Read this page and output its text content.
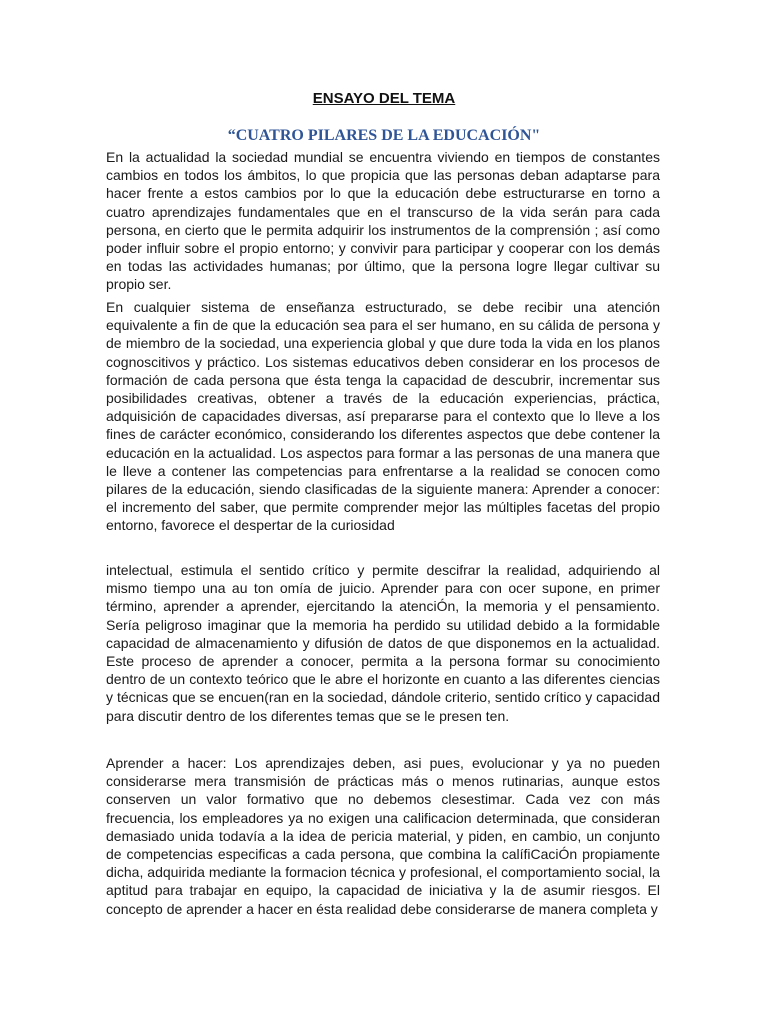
ENSAYO DEL TEMA

“CUATRO PILARES DE LA EDUCACIÓN"

En la actualidad la sociedad mundial se encuentra viviendo en tiempos de constantes cambios en todos los ámbitos, lo que propicia que las personas deban adaptarse para hacer frente a estos cambios por lo que la educación debe estructurarse en torno a cuatro aprendizajes fundamentales que en el transcurso de la vida serán para cada persona, en cierto que le permita adquirir los instrumentos de la comprensión ; así como poder influir sobre el propio entorno; y convivir para participar y cooperar con los demás en todas las actividades humanas; por último, que la persona logre llegar cultivar su propio ser.

En cualquier sistema de enseñanza estructurado, se debe recibir una atención equivalente a fin de que la educación sea para el ser humano, en su cálida de persona y de miembro de la sociedad, una experiencia global y que dure toda la vida en los planos cognoscitivos y práctico. Los sistemas educativos deben considerar en los procesos de formación de cada persona que ésta tenga la capacidad de descubrir, incrementar sus posibilidades creativas, obtener a través de la educación experiencias, práctica, adquisición de capacidades diversas, así prepararse para el contexto que lo lleve a los fines de carácter económico, considerando los diferentes aspectos que debe contener la educación en la actualidad. Los aspectos para formar a las personas de una manera que le lleve a contener las competencias para enfrentarse a la realidad se conocen como pilares de la educación, siendo clasificadas de la siguiente manera: Aprender a conocer: el incremento del saber, que permite comprender mejor las múltiples facetas del propio entorno, favorece el despertar de la curiosidad

intelectual, estimula el sentido crítico y permite descifrar la realidad, adquiriendo al mismo tiempo una au ton omía de juicio. Aprender para con ocer supone, en primer término, aprender a aprender, ejercitando la atenciÓn, la memoria y el pensamiento. Sería peligroso imaginar que la memoria ha perdido su utilidad debido a la formidable capacidad de almacenamiento y difusión de datos de que disponemos en la actualidad. Este proceso de aprender a conocer, permita a la persona formar su conocimiento dentro de un contexto teórico que le abre el horizonte en cuanto a las diferentes ciencias y técnicas que se encuen(ran en la sociedad, dándole criterio, sentido crítico y capacidad para discutir dentro de los diferentes temas que se le presen ten.

Aprender a hacer: Los aprendizajes deben, asi pues, evolucionar y ya no pueden considerarse mera transmisión de prácticas más o menos rutinarias, aunque estos conserven un valor formativo que no debemos clesestimar. Cada vez con más frecuencia, los empleadores ya no exigen una calificacion determinada, que consideran demasiado unida todavía a la idea de pericia material, y piden, en cambio, un conjunto de competencias especificas a cada persona, que combina la calífiCaciÓn propiamente dicha, adquirida mediante la formacion técnica y profesional, el comportamiento social, la aptitud para trabajar en equipo, la capacidad de iniciativa y la de asumir riesgos. El concepto de aprender a hacer en ésta realidad debe considerarse de manera completa y
